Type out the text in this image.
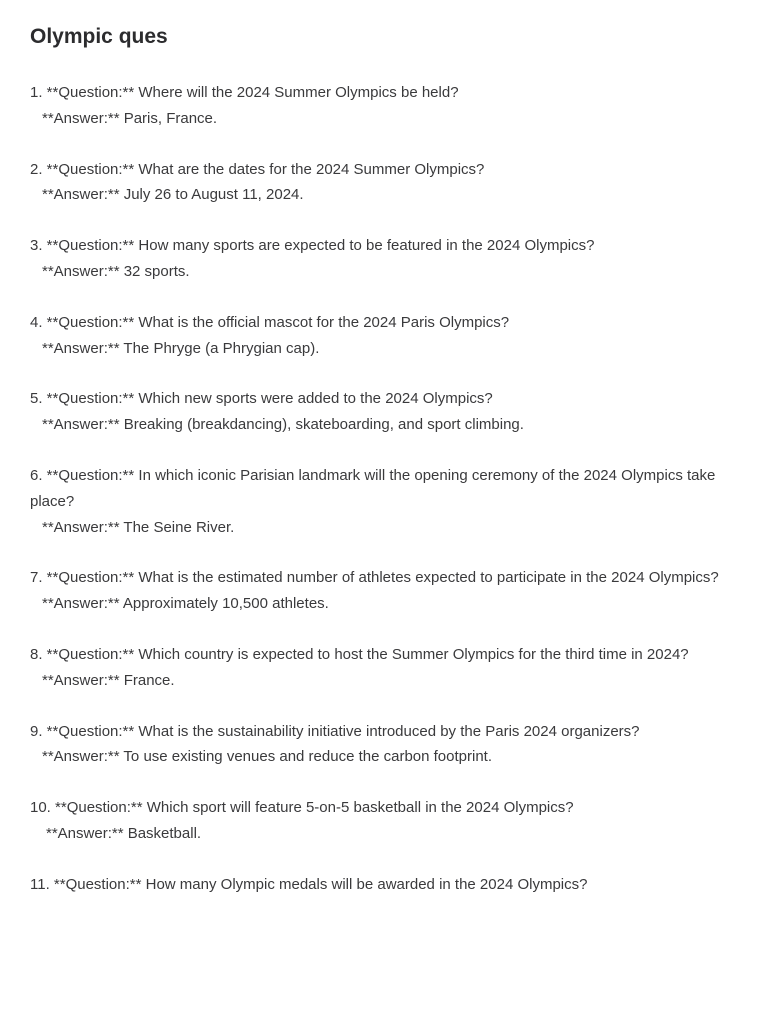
Olympic ques
1. **Question:** Where will the 2024 Summer Olympics be held?
**Answer:** Paris, France.
2. **Question:** What are the dates for the 2024 Summer Olympics?
**Answer:** July 26 to August 11, 2024.
3. **Question:** How many sports are expected to be featured in the 2024 Olympics?
**Answer:** 32 sports.
4. **Question:** What is the official mascot for the 2024 Paris Olympics?
**Answer:** The Phryge (a Phrygian cap).
5. **Question:** Which new sports were added to the 2024 Olympics?
**Answer:** Breaking (breakdancing), skateboarding, and sport climbing.
6. **Question:** In which iconic Parisian landmark will the opening ceremony of the 2024 Olympics take place?
**Answer:** The Seine River.
7. **Question:** What is the estimated number of athletes expected to participate in the 2024 Olympics?
**Answer:** Approximately 10,500 athletes.
8. **Question:** Which country is expected to host the Summer Olympics for the third time in 2024?
**Answer:** France.
9. **Question:** What is the sustainability initiative introduced by the Paris 2024 organizers?
**Answer:** To use existing venues and reduce the carbon footprint.
10. **Question:** Which sport will feature 5-on-5 basketball in the 2024 Olympics?
**Answer:** Basketball.
11. **Question:** How many Olympic medals will be awarded in the 2024 Olympics?
